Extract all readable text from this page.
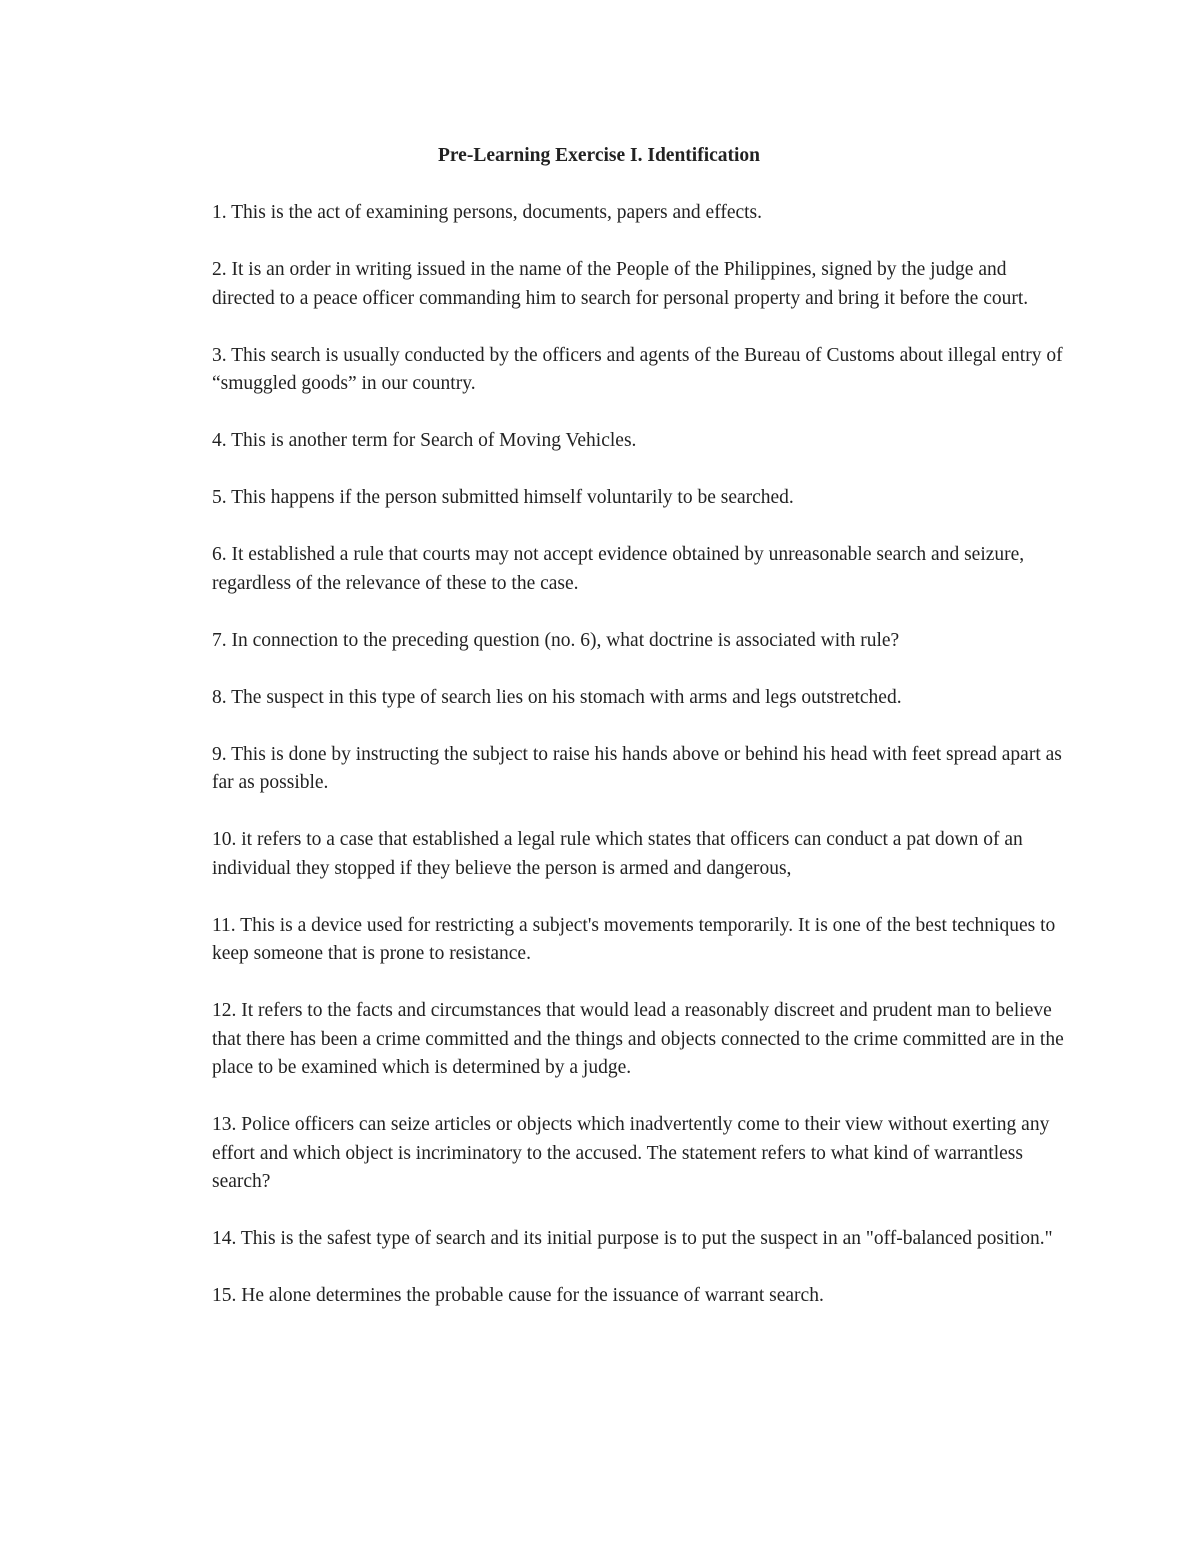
Pre-Learning Exercise I. Identification

1. This is the act of examining persons, documents, papers and effects.

2. It is an order in writing issued in the name of the People of the Philippines, signed by the judge and directed to a peace officer commanding him to search for personal property and bring it before the court.

3. This search is usually conducted by the officers and agents of the Bureau of Customs about illegal entry of “smuggled goods” in our country.

4. This is another term for Search of Moving Vehicles.

5. This happens if the person submitted himself voluntarily to be searched.

6. It established a rule that courts may not accept evidence obtained by unreasonable search and seizure, regardless of the relevance of these to the case.

7. In connection to the preceding question (no. 6), what doctrine is associated with rule?

8. The suspect in this type of search lies on his stomach with arms and legs outstretched.

9. This is done by instructing the subject to raise his hands above or behind his head with feet spread apart as far as possible.

10. it refers to a case that established a legal rule which states that officers can conduct a pat down of an individual they stopped if they believe the person is armed and dangerous,

11. This is a device used for restricting a subject's movements temporarily. It is one of the best techniques to keep someone that is prone to resistance.

12. It refers to the facts and circumstances that would lead a reasonably discreet and prudent man to believe that there has been a crime committed and the things and objects connected to the crime committed are in the place to be examined which is determined by a judge.

13. Police officers can seize articles or objects which inadvertently come to their view without exerting any effort and which object is incriminatory to the accused. The statement refers to what kind of warrantless search?

14. This is the safest type of search and its initial purpose is to put the suspect in an "off-balanced position."

15. He alone determines the probable cause for the issuance of warrant search.
